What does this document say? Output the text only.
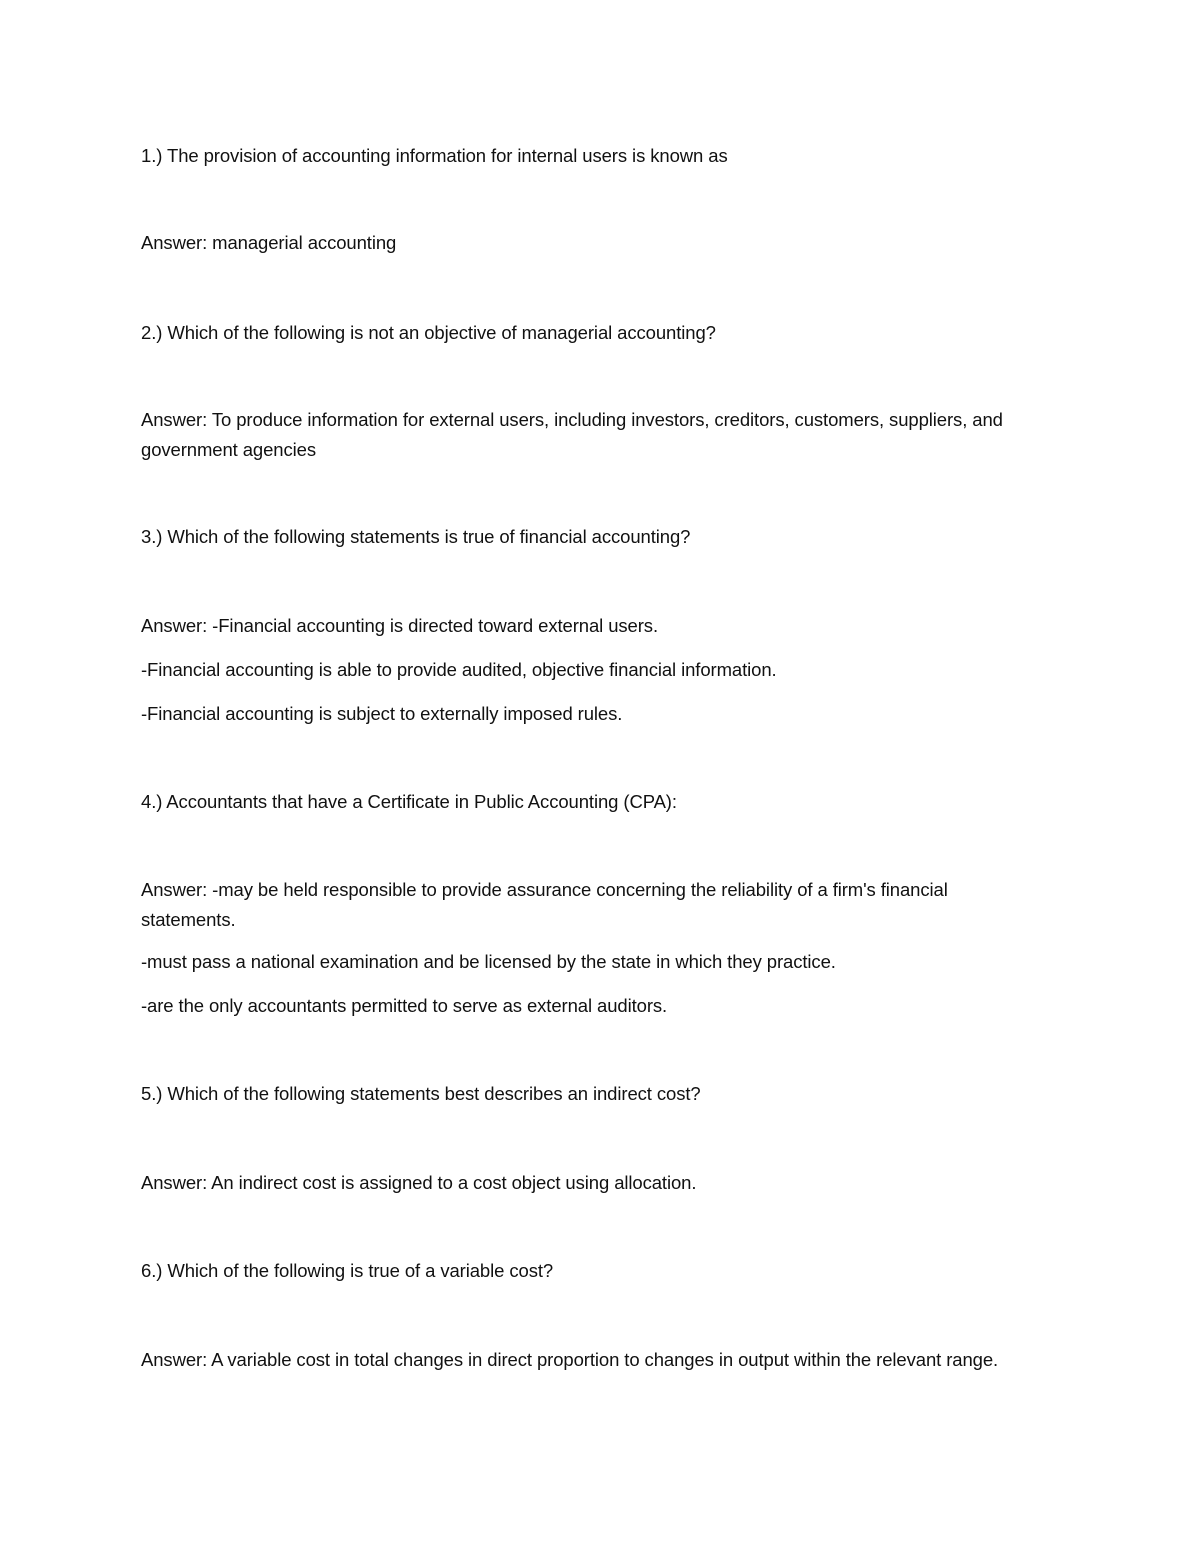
1.) The provision of accounting information for internal users is known as
Answer: managerial accounting
2.) Which of the following is not an objective of managerial accounting?
Answer: To produce information for external users, including investors, creditors, customers, suppliers, and government agencies
3.) Which of the following statements is true of financial accounting?
Answer: -Financial accounting is directed toward external users.
-Financial accounting is able to provide audited, objective financial information.
-Financial accounting is subject to externally imposed rules.
4.) Accountants that have a Certificate in Public Accounting (CPA):
Answer: -may be held responsible to provide assurance concerning the reliability of a firm's financial statements.
-must pass a national examination and be licensed by the state in which they practice.
-are the only accountants permitted to serve as external auditors.
5.) Which of the following statements best describes an indirect cost?
Answer: An indirect cost is assigned to a cost object using allocation.
6.) Which of the following is true of a variable cost?
Answer: A variable cost in total changes in direct proportion to changes in output within the relevant range.
